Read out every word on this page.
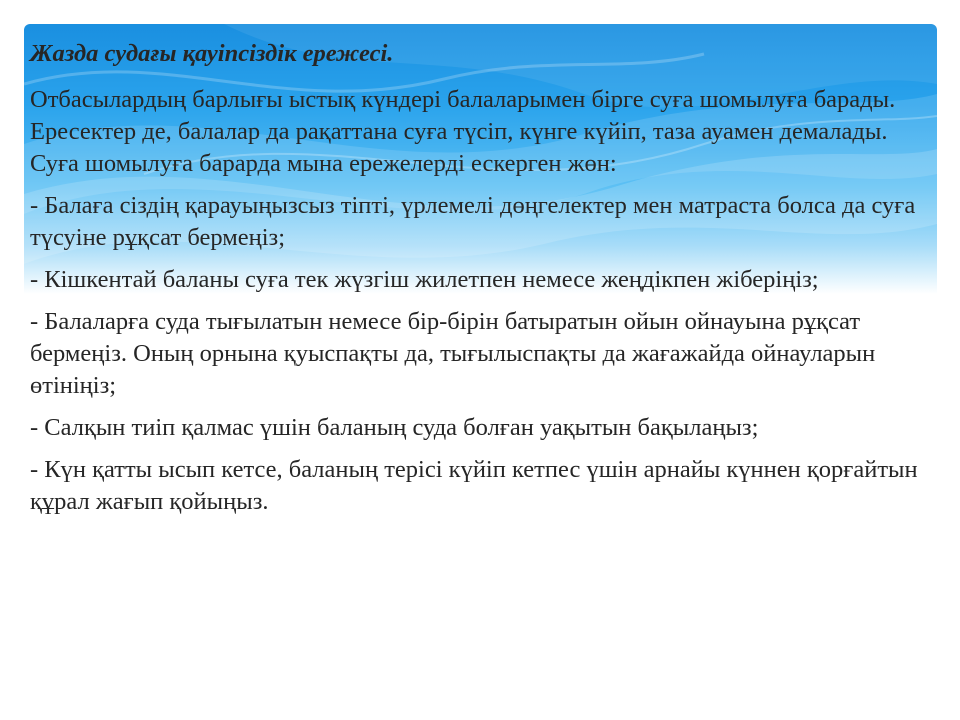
Жазда судағы қауіпсіздік ережесі.
Отбасылардың барлығы ыстық күндері балаларымен бірге суға шомылуға барады. Ересектер де, балалар да рақаттана суға түсіп, күнге күйіп, таза ауамен демалады. Суға шомылуға барарда мына ережелерді ескерген жөн:
- Балаға сіздің қарауыңызсыз тіпті, үрлемелі дөңгелектер мен матраста болса да суға түсуіне рұқсат бермеңіз;
- Кішкентай баланы суға тек жүзгіш жилетпен немесе жеңдікпен жіберіңіз;
- Балаларға суда тығылатын немесе бір-бірін батыратын ойын ойнауына рұқсат бермеңіз. Оның орнына қуыспақты да, тығылыспақты да жағажайда ойнауларын өтініңіз;
- Салқын тиіп қалмас үшін баланың суда болған уақытын бақылаңыз;
- Күн қатты ысып кетсе, баланың терісі күйіп кетпес үшін арнайы күннен қорғайтын құрал жағып қойыңыз.
